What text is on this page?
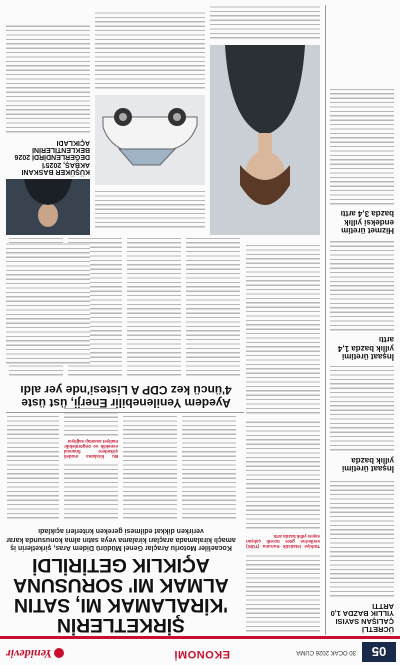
05
30 OCAK 2026 CUMA
EKONOMİ
Yenidevir
ÜCRETLİ ÇALIŞAN SAYISI YILLIK BAZDA 1,0 ARTTI
İnşaat üretimi yıllık bazda
İnşaat üretimi yıllık bazda 1,4 arttı
Hizmet üretim endeksi yıllık bazda 3,4 arttı
Türkiye İstatistik Kurumu (TÜİK) verilerine göre ücretli çalışan sayısı yıllık bazda arttı
ŞİRKETLERİN
'KİRALAMAK MI, SATIN
ALMAK MI' SORUSUNA
AÇIKLIK GETİRİLDİ
Kocaeliler Motorlu Araçlar Genel Müdürü Didem Aras, şirketlerin iş amaçlı kiralamada araçları kiralama veya satın alma konusunda karar verirken dikkat edilmesi gereken kriterleri açıkladı
Bu kiralama modeli şirketlere finansal esneklik ve öngörülebilir maliyet avantajı sağlıyor
Ayedem Yenilenebilir Enerji, üst üste
4'üncü kez CDP A Listesi'nde yer aldı
KÜŞÜKER BASKANI AKBAŞ, 2025'İ DEĞERLENDİRDİ 2026 BEKLENTİLERİNİ AÇIKLADI
